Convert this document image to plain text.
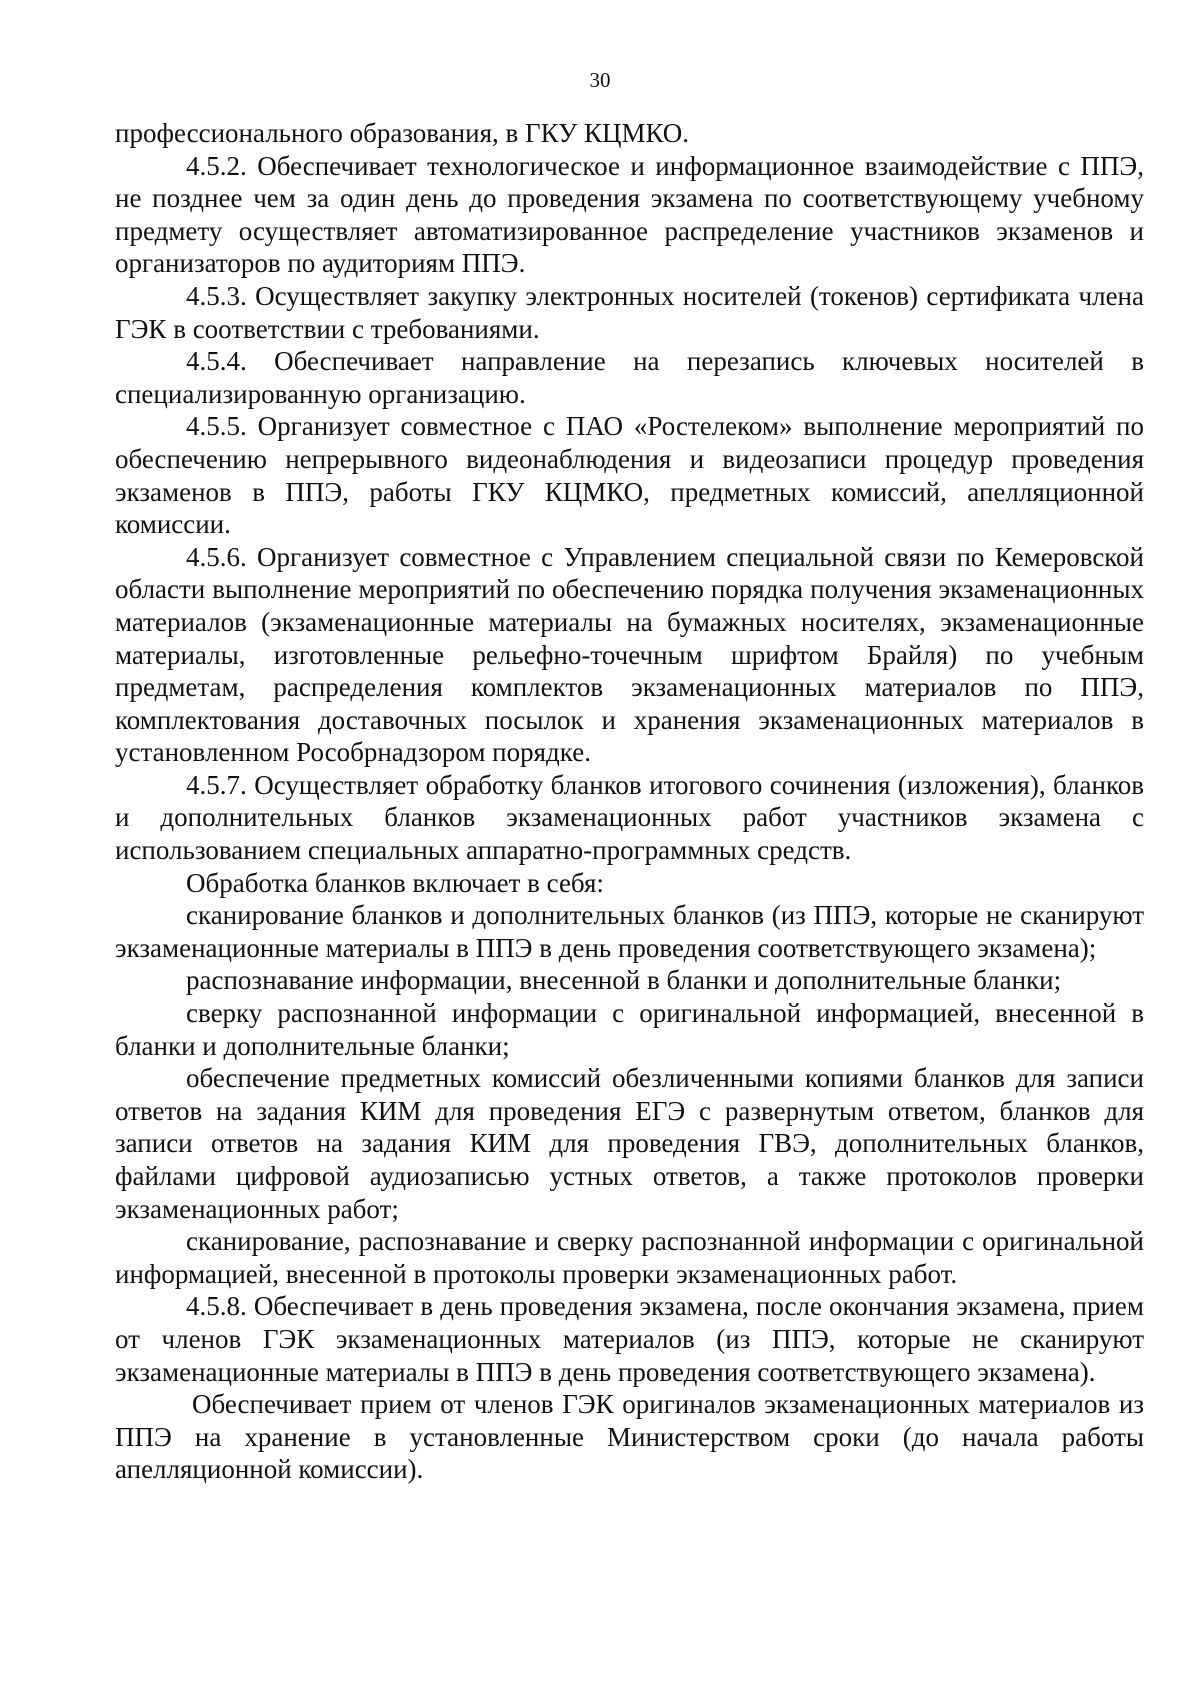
30

профессионального образования, в ГКУ КЦМКО.

4.5.2. Обеспечивает технологическое и информационное взаимодействие с ППЭ, не позднее чем за один день до проведения экзамена по соответствующему учебному предмету осуществляет автоматизированное распределение участников экзаменов и организаторов по аудиториям ППЭ.

4.5.3. Осуществляет закупку электронных носителей (токенов) сертификата члена ГЭК в соответствии с требованиями.

4.5.4. Обеспечивает направление на перезапись ключевых носителей в специализированную организацию.

4.5.5. Организует совместное с ПАО «Ростелеком» выполнение мероприятий по обеспечению непрерывного видеонаблюдения и видеозаписи процедур проведения экзаменов в ППЭ, работы ГКУ КЦМКО, предметных комиссий, апелляционной комиссии.

4.5.6. Организует совместное с Управлением специальной связи по Кемеровской области выполнение мероприятий по обеспечению порядка получения экзаменационных материалов (экзаменационные материалы на бумажных носителях, экзаменационные материалы, изготовленные рельефно-точечным шрифтом Брайля) по учебным предметам, распределения комплектов экзаменационных материалов по ППЭ, комплектования доставочных посылок и хранения экзаменационных материалов в установленном Рособрнадзором порядке.

4.5.7. Осуществляет обработку бланков итогового сочинения (изложения), бланков и дополнительных бланков экзаменационных работ участников экзамена с использованием специальных аппаратно-программных средств.

Обработка бланков включает в себя:

сканирование бланков и дополнительных бланков (из ППЭ, которые не сканируют экзаменационные материалы в ППЭ в день проведения соответствующего экзамена);

распознавание информации, внесенной в бланки и дополнительные бланки;

сверку распознанной информации с оригинальной информацией, внесенной в бланки и дополнительные бланки;

обеспечение предметных комиссий обезличенными копиями бланков для записи ответов на задания КИМ для проведения ЕГЭ с развернутым ответом, бланков для записи ответов на задания КИМ для проведения ГВЭ, дополнительных бланков, файлами цифровой аудиозаписью устных ответов, а также протоколов проверки экзаменационных работ;

сканирование, распознавание и сверку распознанной информации с оригинальной информацией, внесенной в протоколы проверки экзаменационных работ.

4.5.8. Обеспечивает в день проведения экзамена, после окончания экзамена, прием от членов ГЭК экзаменационных материалов (из ППЭ, которые не сканируют экзаменационные материалы в ППЭ в день проведения соответствующего экзамена).

Обеспечивает прием от членов ГЭК оригиналов экзаменационных материалов из ППЭ на хранение в установленные Министерством сроки (до начала работы апелляционной комиссии).
